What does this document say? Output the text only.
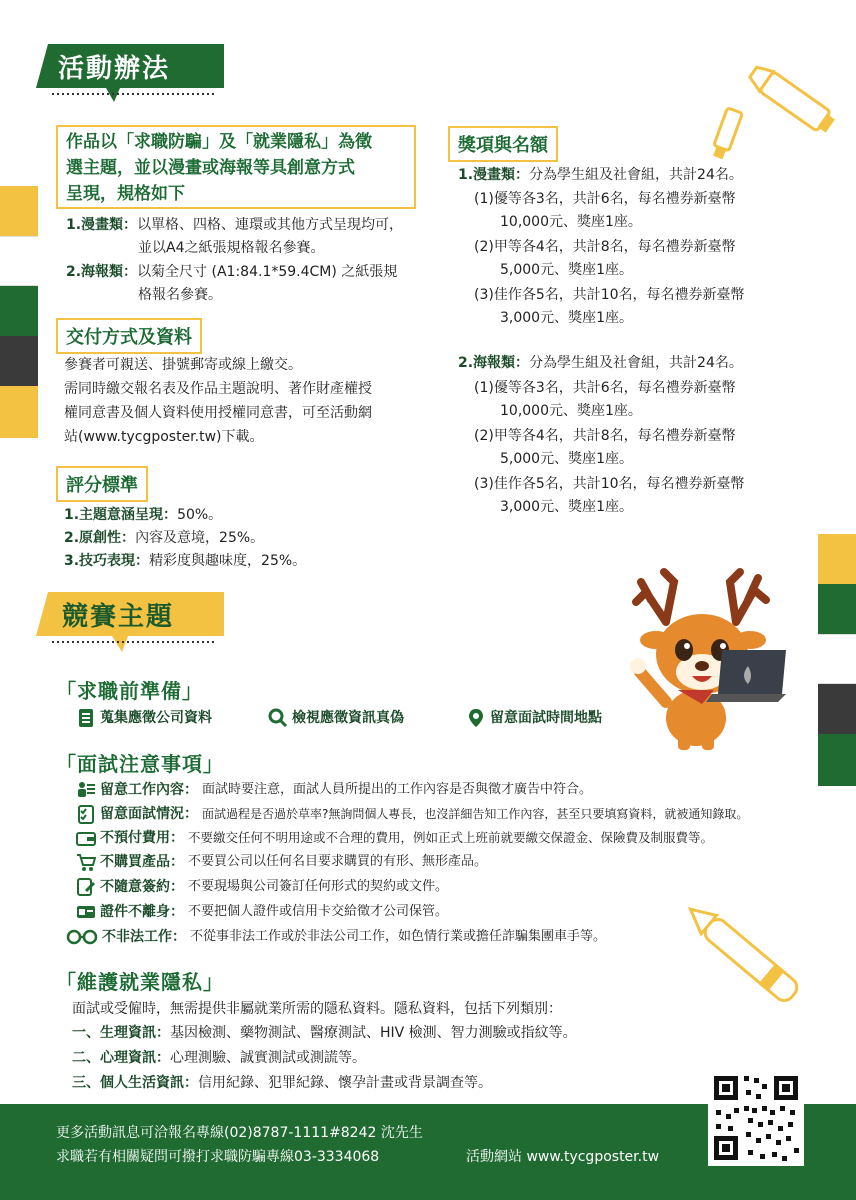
活動辦法
作品以「求職防騙」及「就業隱私」為徵
選主題，並以漫畫或海報等具創意方式
呈現，規格如下
1.漫畫類：以單格、四格、連環或其他方式呈現均可，
並以A4之紙張規格報名參賽。
2.海報類：以菊全尺寸 (A1:84.1*59.4CM) 之紙張規
格報名參賽。
交付方式及資料
參賽者可親送、掛號郵寄或線上繳交。
需同時繳交報名表及作品主題說明、著作財產權授
權同意書及個人資料使用授權同意書，可至活動網
站(www.tycgposter.tw)下載。
評分標準
1.主題意涵呈現：50%。
2.原創性：內容及意境，25%。
3.技巧表現：精彩度與趣味度，25%。
獎項與名額
1.漫畫類：分為學生組及社會組，共計24名。
(1)優等各3名，共計6名，每名禮券新臺幣
10,000元、獎座1座。
(2)甲等各4名，共計8名，每名禮券新臺幣
5,000元、獎座1座。
(3)佳作各5名，共計10名，每名禮券新臺幣
3,000元、獎座1座。
2.海報類：分為學生組及社會組，共計24名。
(1)優等各3名，共計6名，每名禮券新臺幣
10,000元、獎座1座。
(2)甲等各4名，共計8名，每名禮券新臺幣
5,000元、獎座1座。
(3)佳作各5名，共計10名，每名禮券新臺幣
3,000元、獎座1座。
競賽主題
「求職前準備」
蒐集應徵公司資料	檢視應徵資訊真偽	留意面試時間地點
「面試注意事項」
留意工作內容： 面試時要注意，面試人員所提出的工作內容是否與徵才廣告中符合。
留意面試情況： 面試過程是否過於草率?無詢問個人專長，也沒詳細告知工作內容，甚至只要填寫資料，就被通知錄取。
不預付費用： 不要繳交任何不明用途或不合理的費用，例如正式上班前就要繳交保證金、保險費及制服費等。
不購買產品： 不要買公司以任何名目要求購買的有形、無形產品。
不隨意簽約： 不要現場與公司簽訂任何形式的契約或文件。
證件不離身： 不要把個人證件或信用卡交給徵才公司保管。
不非法工作： 不從事非法工作或於非法公司工作，如色情行業或擔任詐騙集團車手等。
「維護就業隱私」
面試或受僱時，無需提供非屬就業所需的隱私資料。隱私資料，包括下列類別：
一、生理資訊：基因檢測、藥物測試、醫療測試、HIV 檢測、智力測驗或指紋等。
二、心理資訊：心理測驗、誠實測試或測謊等。
三、個人生活資訊：信用紀錄、犯罪紀錄、懷孕計畫或背景調查等。
更多活動訊息可洽報名專線(02)8787-1111#8242 沈先生
求職若有相關疑問可撥打求職防騙專線03-3334068	活動網站 www.tycgposter.tw
